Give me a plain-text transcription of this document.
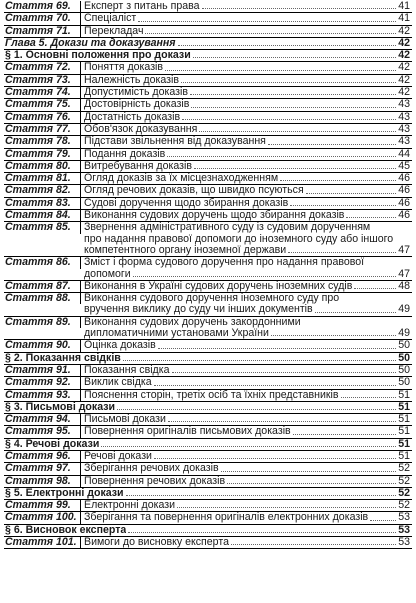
Стаття 69.	Експерт з питань права	41
Стаття 70.	Спеціаліст	41
Стаття 71.	Перекладач	42
Глава 5. Докази та доказування	42
§ 1. Основні положення про докази	42
Стаття 72.	Поняття доказів	42
Стаття 73.	Належність доказів	42
Стаття 74.	Допустимість доказів	42
Стаття 75.	Достовірність доказів	43
Стаття 76.	Достатність доказів	43
Стаття 77.	Обов'язок доказування	43
Стаття 78.	Підстави звільнення від доказування	43
Стаття 79.	Подання доказів	44
Стаття 80.	Витребування доказів	45
Стаття 81.	Огляд доказів за їх місцезнаходженням	46
Стаття 82.	Огляд речових доказів, що швидко псуються	46
Стаття 83.	Судові доручення щодо збирання доказів	46
Стаття 84.	Виконання судових доручень щодо збирання доказів	46
Стаття 85.	Звернення адміністративного суду із судовим дорученням
про надання правової допомоги до іноземного суду або іншого
компетентного органу іноземної держави	47
Стаття 86.	Зміст і форма судового доручення про надання правової
допомоги	47
Стаття 87.	Виконання в Україні судових доручень іноземних судів	48
Стаття 88.	Виконання судового доручення іноземного суду про
вручення виклику до суду чи інших документів	49
Стаття 89.	Виконання судових доручень закордонними
дипломатичними установами України	49
Стаття 90.	Оцінка доказів	50
§ 2. Показання свідків	50
Стаття 91.	Показання свідка	50
Стаття 92.	Виклик свідка	50
Стаття 93.	Пояснення сторін, третіх осіб та їхніх представників	51
§ 3. Письмові докази	51
Стаття 94.	Письмові докази	51
Стаття 95.	Повернення оригіналів письмових доказів	51
§ 4. Речові докази	51
Стаття 96.	Речові докази	51
Стаття 97.	Зберігання речових доказів	52
Стаття 98.	Повернення речових доказів	52
§ 5. Електронні докази	52
Стаття 99.	Електронні докази	52
Стаття 100. Зберігання та повернення оригіналів електронних доказів	53
§ 6. Висновок експерта	53
Стаття 101. Вимоги до висновку експерта	53
